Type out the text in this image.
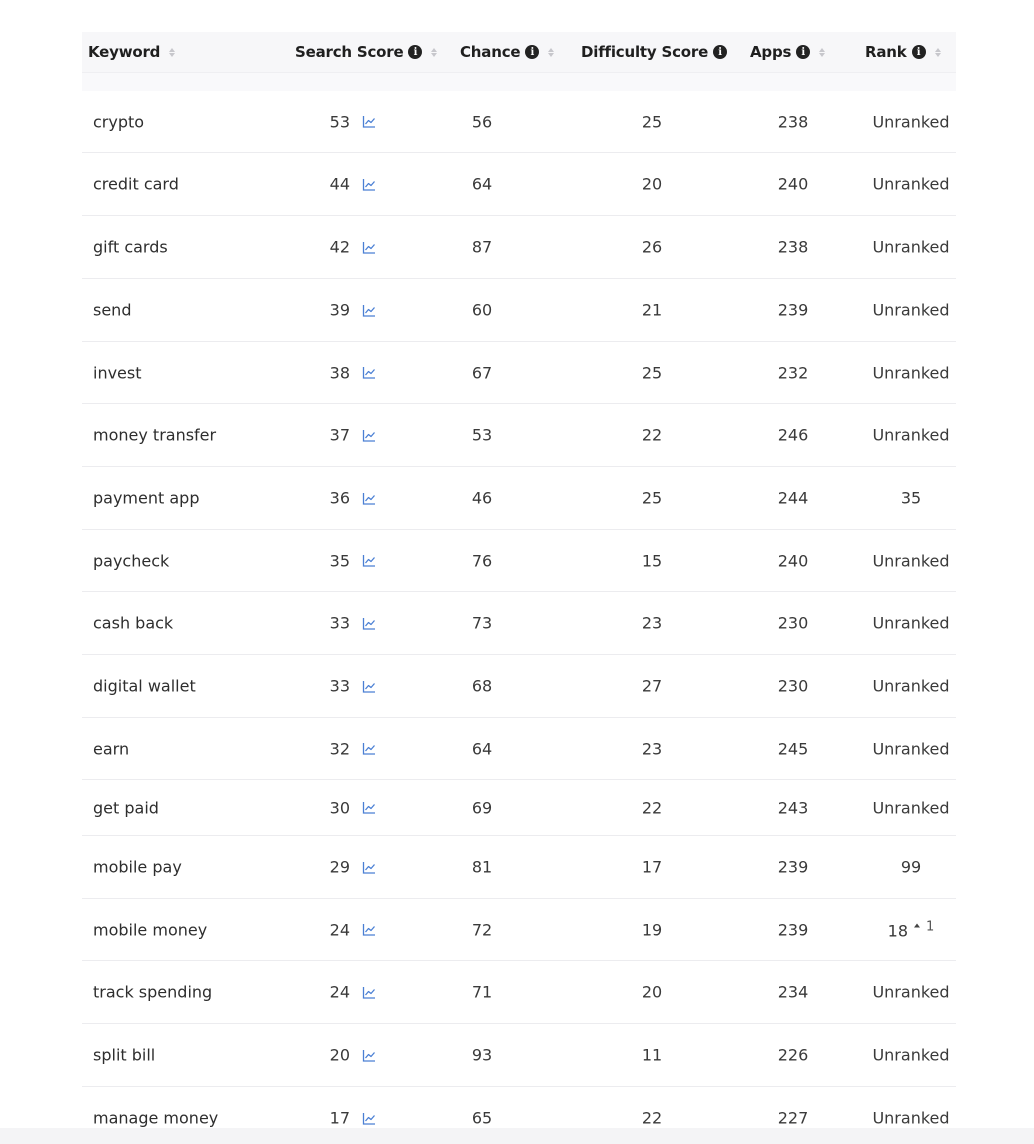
Keyword	Search Score	i	Chance	i	Difficulty Score	i	Apps	i	Rank	i
crypto	53	56	25	238	Unranked
credit card	44	64	20	240	Unranked
gift cards	42	87	26	238	Unranked
send	39	60	21	239	Unranked
invest	38	67	25	232	Unranked
money transfer	37	53	22	246	Unranked
payment app	36	46	25	244	35
paycheck	35	76	15	240	Unranked
cash back	33	73	23	230	Unranked
digital wallet	33	68	27	230	Unranked
earn	32	64	23	245	Unranked
get paid	30	69	22	243	Unranked
mobile pay	29	81	17	239	99
mobile money	24	72	19	239	18 $^1$
track spending	24	71	20	234	Unranked
split bill	20	93	11	226	Unranked
manage money	17	65	22	227	Unranked
